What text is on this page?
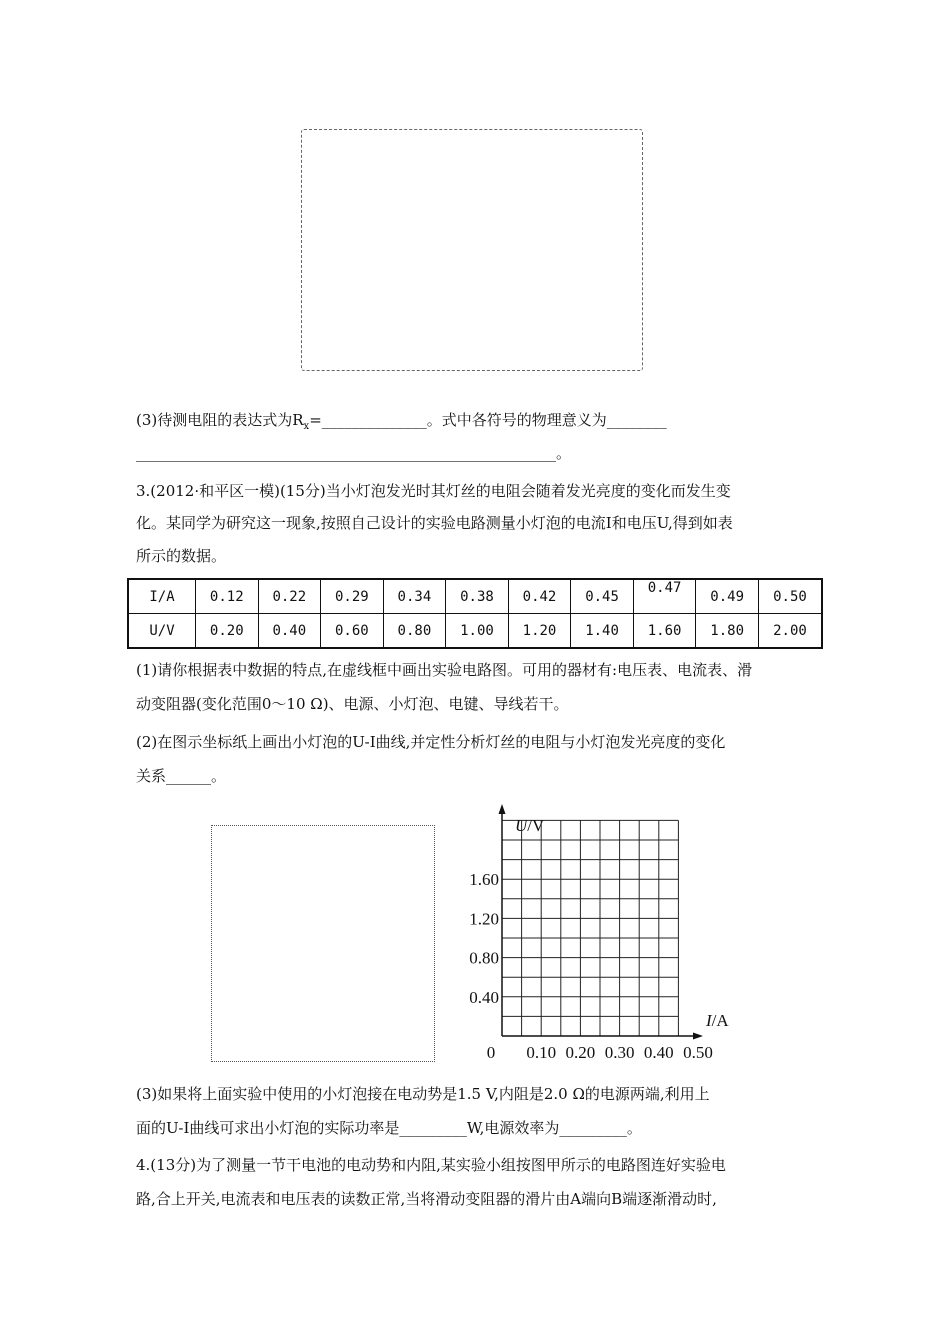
(3)待测电阻的表达式为$R_x=\_\_\_\_\_\_\_\_\_\_\_\_\_\_$。式中各符号的物理意义为________
________________________________________________________。
3.(2012·和平区一模)(15分)当小灯泡发光时其灯丝的电阻会随着发光亮度的变化而发生变
化。某同学为研究这一现象,按照自己设计的实验电路测量小灯泡的电流I和电压U,得到如表
所示的数据。
I/A	0.12	0.22	0.29	0.34	0.38	0.42	0.45	0.47	0.49	0.50
U/V	0.20	0.40	0.60	0.80	1.00	1.20	1.40	1.60	1.80	2.00
(1)请你根据表中数据的特点,在虚线框中画出实验电路图。可用的器材有:电压表、电流表、滑
动变阻器(变化范围0～10 Ω)、电源、小灯泡、电键、导线若干。
(2)在图示坐标纸上画出小灯泡的U-I曲线,并定性分析灯丝的电阻与小灯泡发光亮度的变化
关系______。
U/V
I/A
0 0.10 0.20 0.30 0.40 0.50
0.40
0.80
1.20
1.60
(3)如果将上面实验中使用的小灯泡接在电动势是1.5 V,内阻是2.0 Ω的电源两端,利用上
面的U-I曲线可求出小灯泡的实际功率是_________W,电源效率为_________。
4.(13分)为了测量一节干电池的电动势和内阻,某实验小组按图甲所示的电路图连好实验电
路,合上开关,电流表和电压表的读数正常,当将滑动变阻器的滑片由A端向B端逐渐滑动时,
